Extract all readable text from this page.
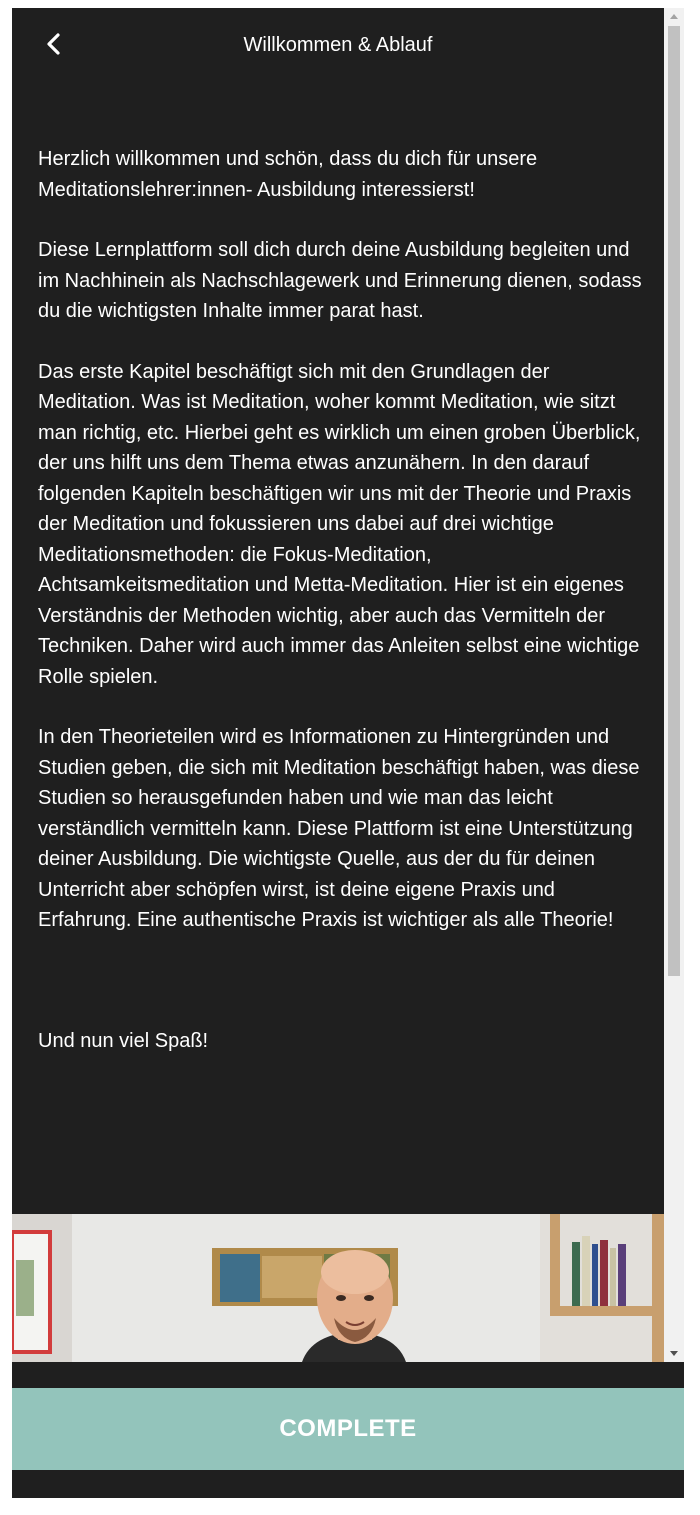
Willkommen & Ablauf

Herzlich willkommen und schön, dass du dich für unsere Meditationslehrer:innen- Ausbildung interessierst!

Diese Lernplattform soll dich durch deine Ausbildung begleiten und im Nachhinein als Nachschlagewerk und Erinnerung dienen, sodass du die wichtigsten Inhalte immer parat hast.

Das erste Kapitel beschäftigt sich mit den Grundlagen der Meditation. Was ist Meditation, woher kommt Meditation, wie sitzt man richtig, etc. Hierbei geht es wirklich um einen groben Überblick, der uns hilft uns dem Thema etwas anzunähern. In den darauf folgenden Kapiteln beschäftigen wir uns mit der Theorie und Praxis der Meditation und fokussieren uns dabei auf drei wichtige Meditationsmethoden: die Fokus-Meditation, Achtsamkeitsmeditation und Metta-Meditation. Hier ist ein eigenes Verständnis der Methoden wichtig, aber auch das Vermitteln der
Techniken. Daher wird auch immer das Anleiten selbst eine wichtige Rolle spielen.

In den Theorieteilen wird es Informationen zu Hintergründen und Studien geben, die sich mit Meditation beschäftigt haben, was diese Studien so herausgefunden haben und wie man das leicht verständlich vermitteln kann. Diese Plattform ist eine Unterstützung deiner Ausbildung. Die wichtigste Quelle, aus der du für deinen Unterricht aber schöpfen wirst, ist deine eigene Praxis und Erfahrung. Eine authentische Praxis ist wichtiger als alle Theorie!

Und nun viel Spaß!

COMPLETE
